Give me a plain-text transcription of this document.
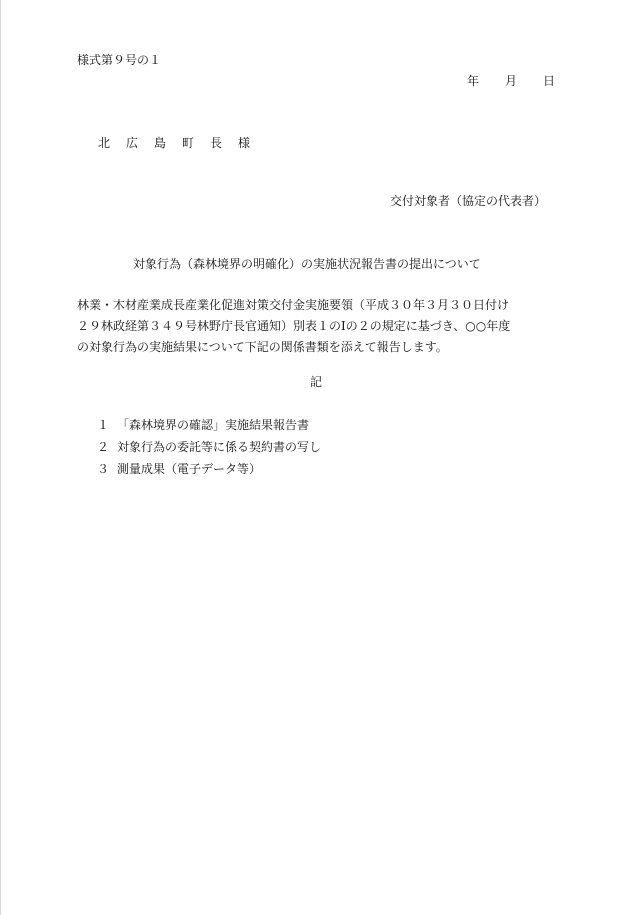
様式第９号の１
年 月 日
北 広 島 町 長 様
交付対象者（協定の代表者）
対象行為（森林境界の明確化）の実施状況報告書の提出について
林業・木材産業成長産業化促進対策交付金実施要領（平成３０年３月３０日付け
２９林政経第３４９号林野庁長官通知）別表１のⅠの２の規定に基づき、○○年度
の対象行為の実施結果について下記の関係書類を添えて報告します。
記
１ 「森林境界の確認」実施結果報告書
２ 対象行為の委託等に係る契約書の写し
３ 測量成果（電子データ等）
